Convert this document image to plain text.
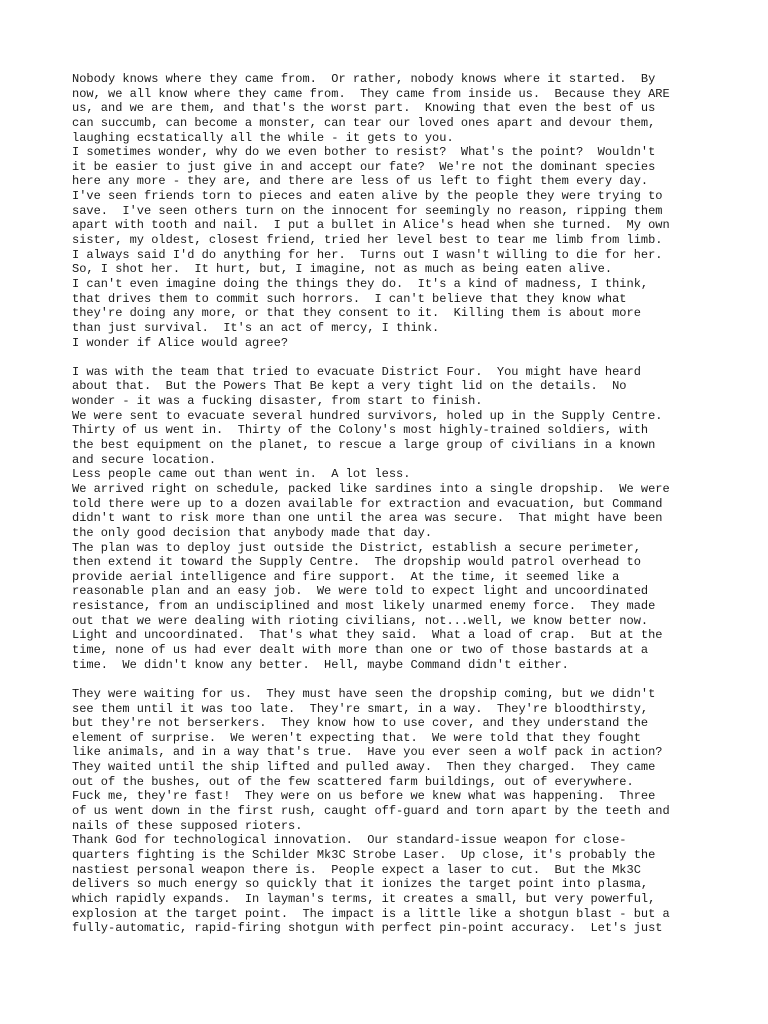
Nobody knows where they came from.  Or rather, nobody knows where it started.  By
now, we all know where they came from.  They came from inside us.  Because they ARE
us, and we are them, and that's the worst part.  Knowing that even the best of us
can succumb, can become a monster, can tear our loved ones apart and devour them,
laughing ecstatically all the while - it gets to you.
I sometimes wonder, why do we even bother to resist?  What's the point?  Wouldn't
it be easier to just give in and accept our fate?  We're not the dominant species
here any more - they are, and there are less of us left to fight them every day.
I've seen friends torn to pieces and eaten alive by the people they were trying to
save.  I've seen others turn on the innocent for seemingly no reason, ripping them
apart with tooth and nail.  I put a bullet in Alice's head when she turned.  My own
sister, my oldest, closest friend, tried her level best to tear me limb from limb.
I always said I'd do anything for her.  Turns out I wasn't willing to die for her.
So, I shot her.  It hurt, but, I imagine, not as much as being eaten alive.
I can't even imagine doing the things they do.  It's a kind of madness, I think,
that drives them to commit such horrors.  I can't believe that they know what
they're doing any more, or that they consent to it.  Killing them is about more
than just survival.  It's an act of mercy, I think.
I wonder if Alice would agree?
I was with the team that tried to evacuate District Four.  You might have heard
about that.  But the Powers That Be kept a very tight lid on the details.  No
wonder - it was a fucking disaster, from start to finish.
We were sent to evacuate several hundred survivors, holed up in the Supply Centre.
Thirty of us went in.  Thirty of the Colony's most highly-trained soldiers, with
the best equipment on the planet, to rescue a large group of civilians in a known
and secure location.
Less people came out than went in.  A lot less.
We arrived right on schedule, packed like sardines into a single dropship.  We were
told there were up to a dozen available for extraction and evacuation, but Command
didn't want to risk more than one until the area was secure.  That might have been
the only good decision that anybody made that day.
The plan was to deploy just outside the District, establish a secure perimeter,
then extend it toward the Supply Centre.  The dropship would patrol overhead to
provide aerial intelligence and fire support.  At the time, it seemed like a
reasonable plan and an easy job.  We were told to expect light and uncoordinated
resistance, from an undisciplined and most likely unarmed enemy force.  They made
out that we were dealing with rioting civilians, not...well, we know better now.
Light and uncoordinated.  That's what they said.  What a load of crap.  But at the
time, none of us had ever dealt with more than one or two of those bastards at a
time.  We didn't know any better.  Hell, maybe Command didn't either.
They were waiting for us.  They must have seen the dropship coming, but we didn't
see them until it was too late.  They're smart, in a way.  They're bloodthirsty,
but they're not berserkers.  They know how to use cover, and they understand the
element of surprise.  We weren't expecting that.  We were told that they fought
like animals, and in a way that's true.  Have you ever seen a wolf pack in action?
They waited until the ship lifted and pulled away.  Then they charged.  They came
out of the bushes, out of the few scattered farm buildings, out of everywhere.
Fuck me, they're fast!  They were on us before we knew what was happening.  Three
of us went down in the first rush, caught off-guard and torn apart by the teeth and
nails of these supposed rioters.
Thank God for technological innovation.  Our standard-issue weapon for close-
quarters fighting is the Schilder Mk3C Strobe Laser.  Up close, it's probably the
nastiest personal weapon there is.  People expect a laser to cut.  But the Mk3C
delivers so much energy so quickly that it ionizes the target point into plasma,
which rapidly expands.  In layman's terms, it creates a small, but very powerful,
explosion at the target point.  The impact is a little like a shotgun blast - but a
fully-automatic, rapid-firing shotgun with perfect pin-point accuracy.  Let's just
